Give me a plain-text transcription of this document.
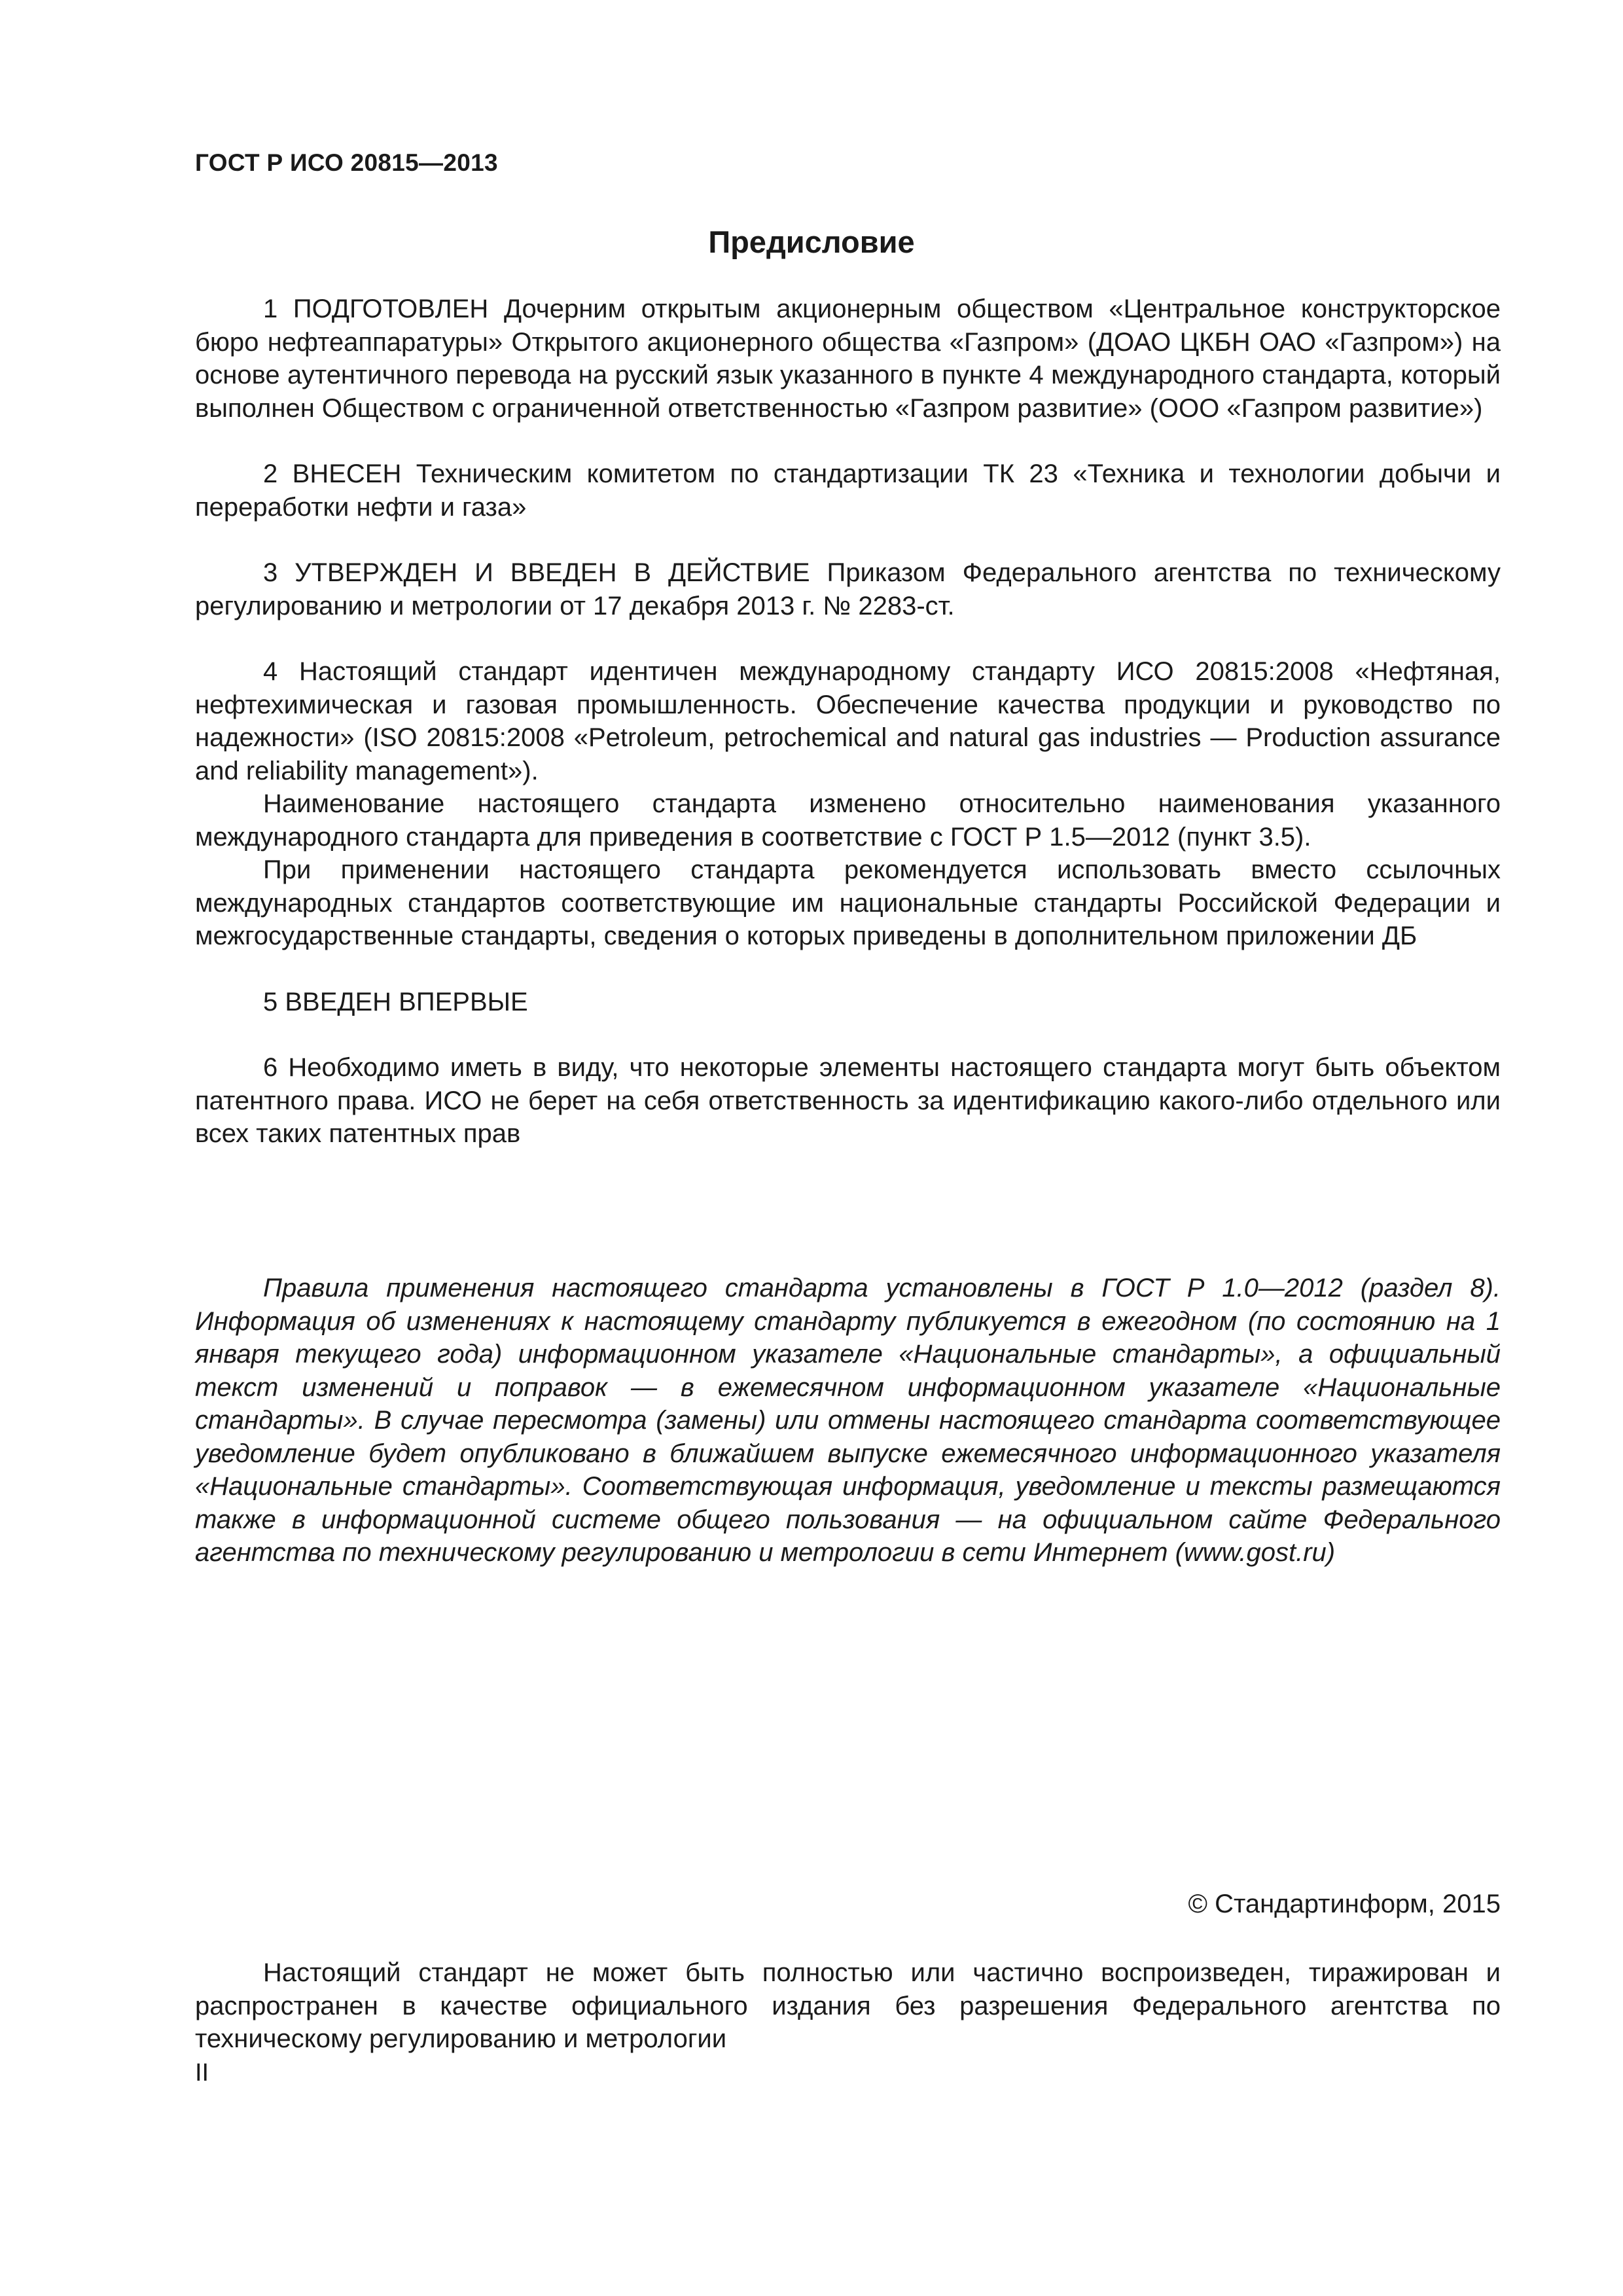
ГОСТ Р ИСО 20815—2013
Предисловие

1 ПОДГОТОВЛЕН Дочерним открытым акционерным обществом «Центральное конструкторское бюро нефтеаппаратуры» Открытого акционерного общества «Газпром» (ДОАО ЦКБН ОАО «Газпром») на основе аутентичного перевода на русский язык указанного в пункте 4 международного стандарта, который выполнен Обществом с ограниченной ответственностью «Газпром развитие» (ООО «Газпром развитие»)

2 ВНЕСЕН Техническим комитетом по стандартизации ТК 23 «Техника и технологии добычи и переработки нефти и газа»

3 УТВЕРЖДЕН И ВВЕДЕН В ДЕЙСТВИЕ Приказом Федерального агентства по техническому регулированию и метрологии от 17 декабря 2013 г. № 2283-ст.

4 Настоящий стандарт идентичен международному стандарту ИСО 20815:2008 «Нефтяная, нефтехимическая и газовая промышленность. Обеспечение качества продукции и руководство по надежности» (ISO 20815:2008 «Petroleum, petrochemical and natural gas industries — Production assurance and reliability management»).

Наименование настоящего стандарта изменено относительно наименования указанного международного стандарта для приведения в соответствие с ГОСТ Р 1.5—2012 (пункт 3.5).

При применении настоящего стандарта рекомендуется использовать вместо ссылочных международных стандартов соответствующие им национальные стандарты Российской Федерации и межгосударственные стандарты, сведения о которых приведены в дополнительном приложении ДБ

5 ВВЕДЕН ВПЕРВЫЕ

6 Необходимо иметь в виду, что некоторые элементы настоящего стандарта могут быть объектом патентного права. ИСО не берет на себя ответственность за идентификацию какого-либо отдельного или всех таких патентных прав

Правила применения настоящего стандарта установлены в ГОСТ Р 1.0—2012 (раздел 8). Информация об изменениях к настоящему стандарту публикуется в ежегодном (по состоянию на 1 января текущего года) информационном указателе «Национальные стандарты», а официальный текст изменений и поправок — в ежемесячном информационном указателе «Национальные стандарты». В случае пересмотра (замены) или отмены настоящего стандарта соответствующее уведомление будет опубликовано в ближайшем выпуске ежемесячного информационного указателя «Национальные стандарты». Соответствующая информация, уведомление и тексты размещаются также в информационной системе общего пользования — на официальном сайте Федерального агентства по техническому регулированию и метрологии в сети Интернет (www.gost.ru)

© Стандартинформ, 2015

Настоящий стандарт не может быть полностью или частично воспроизведен, тиражирован и распространен в качестве официального издания без разрешения Федерального агентства по техническому регулированию и метрологии

II
